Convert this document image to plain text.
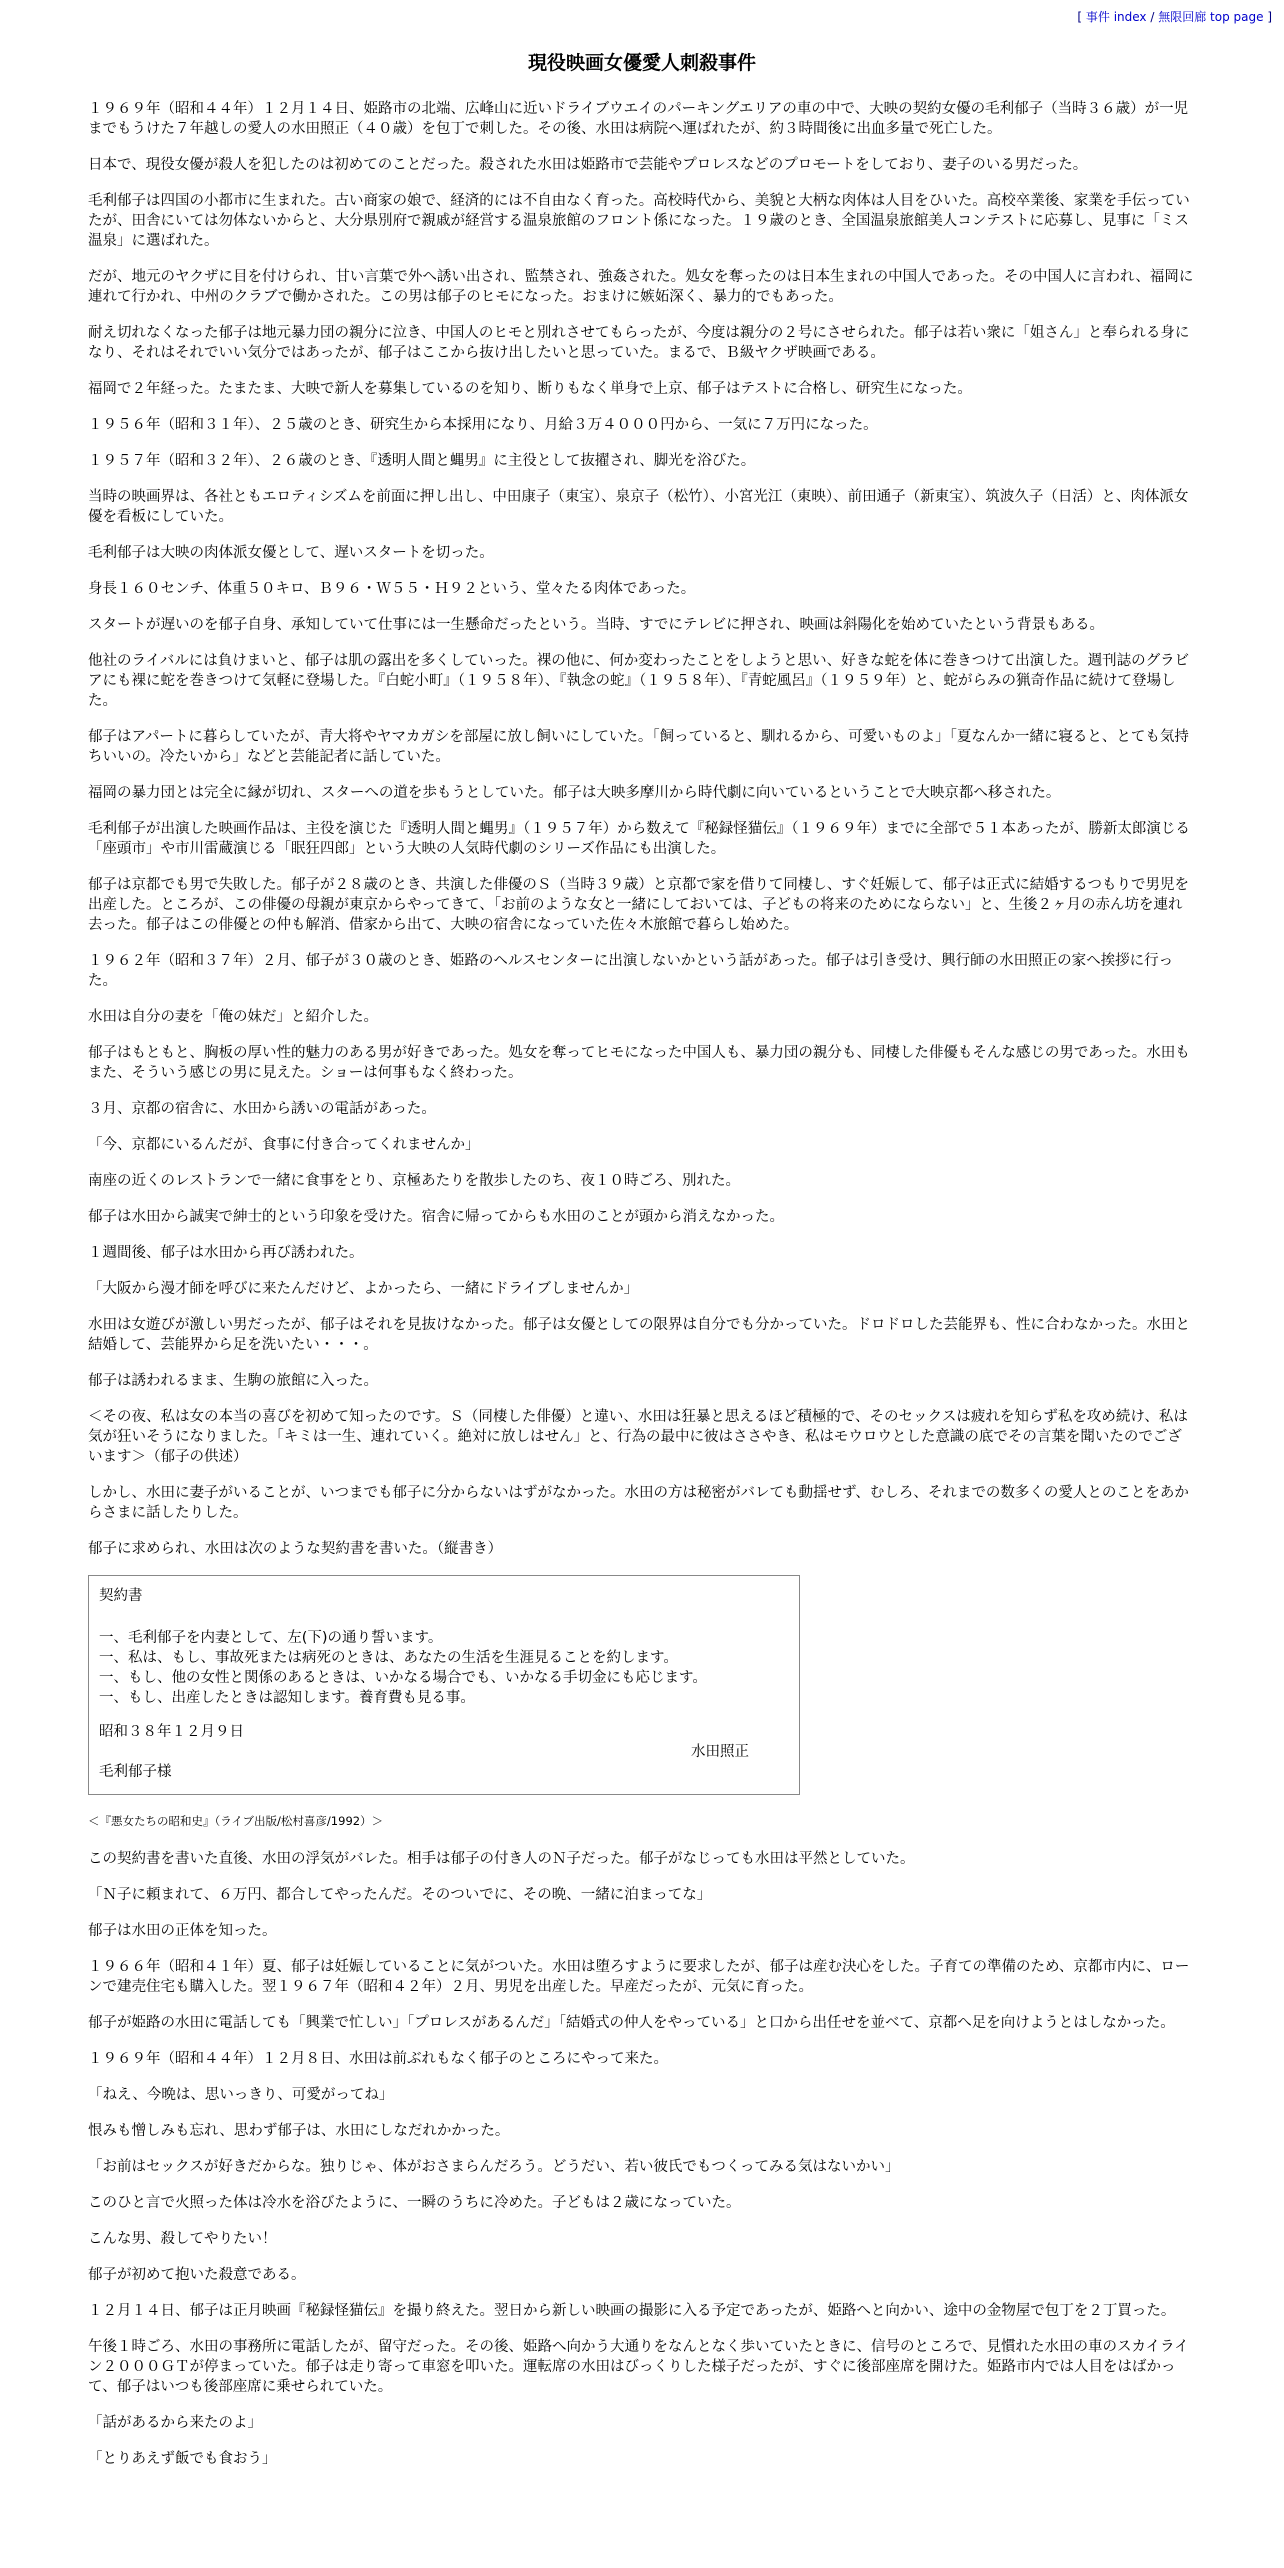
[ 事件 index / 無限回廊 top page ]
現役映画女優愛人刺殺事件

１９６９年（昭和４４年）１２月１４日、姫路市の北端、広峰山に近いドライブウエイのパーキングエリアの車の中で、大映の契約女優の毛利郁子（当時３６歳）が一児までもうけた７年越しの愛人の水田照正（４０歳）を包丁で刺した。その後、水田は病院へ運ばれたが、約３時間後に出血多量で死亡した。

日本で、現役女優が殺人を犯したのは初めてのことだった。殺された水田は姫路市で芸能やプロレスなどのプロモートをしており、妻子のいる男だった。

毛利郁子は四国の小都市に生まれた。古い商家の娘で、経済的には不自由なく育った。高校時代から、美貌と大柄な肉体は人目をひいた。高校卒業後、家業を手伝っていたが、田舎にいては勿体ないからと、大分県別府で親戚が経営する温泉旅館のフロント係になった。１９歳のとき、全国温泉旅館美人コンテストに応募し、見事に「ミス温泉」に選ばれた。

だが、地元のヤクザに目を付けられ、甘い言葉で外へ誘い出され、監禁され、強姦された。処女を奪ったのは日本生まれの中国人であった。その中国人に言われ、福岡に連れて行かれ、中州のクラブで働かされた。この男は郁子のヒモになった。おまけに嫉妬深く、暴力的でもあった。

耐え切れなくなった郁子は地元暴力団の親分に泣き、中国人のヒモと別れさせてもらったが、今度は親分の２号にさせられた。郁子は若い衆に「姐さん」と奉られる身になり、それはそれでいい気分ではあったが、郁子はここから抜け出したいと思っていた。まるで、Ｂ級ヤクザ映画である。

福岡で２年経った。たまたま、大映で新人を募集しているのを知り、断りもなく単身で上京、郁子はテストに合格し、研究生になった。

１９５６年（昭和３１年）、２５歳のとき、研究生から本採用になり、月給３万４０００円から、一気に７万円になった。

１９５７年（昭和３２年）、２６歳のとき、『透明人間と蝿男』に主役として抜擢され、脚光を浴びた。

当時の映画界は、各社ともエロティシズムを前面に押し出し、中田康子（東宝）、泉京子（松竹）、小宮光江（東映）、前田通子（新東宝）、筑波久子（日活）と、肉体派女優を看板にしていた。

毛利郁子は大映の肉体派女優として、遅いスタートを切った。

身長１６０センチ、体重５０キロ、Ｂ９６・Ｗ５５・Ｈ９２という、堂々たる肉体であった。

スタートが遅いのを郁子自身、承知していて仕事には一生懸命だったという。当時、すでにテレビに押され、映画は斜陽化を始めていたという背景もある。

他社のライバルには負けまいと、郁子は肌の露出を多くしていった。裸の他に、何か変わったことをしようと思い、好きな蛇を体に巻きつけて出演した。週刊誌のグラビアにも裸に蛇を巻きつけて気軽に登場した。『白蛇小町』（１９５８年）、『執念の蛇』（１９５８年）、『青蛇風呂』（１９５９年）と、蛇がらみの猟奇作品に続けて登場した。

郁子はアパートに暮らしていたが、青大将やヤマカガシを部屋に放し飼いにしていた。「飼っていると、馴れるから、可愛いものよ」「夏なんか一緒に寝ると、とても気持ちいいの。冷たいから」などと芸能記者に話していた。

福岡の暴力団とは完全に縁が切れ、スターへの道を歩もうとしていた。郁子は大映多摩川から時代劇に向いているということで大映京都へ移された。

毛利郁子が出演した映画作品は、主役を演じた『透明人間と蝿男』（１９５７年）から数えて『秘録怪猫伝』（１９６９年）までに全部で５１本あったが、勝新太郎演じる「座頭市」や市川雷蔵演じる「眠狂四郎」という大映の人気時代劇のシリーズ作品にも出演した。

郁子は京都でも男で失敗した。郁子が２８歳のとき、共演した俳優のＳ（当時３９歳）と京都で家を借りて同棲し、すぐ妊娠して、郁子は正式に結婚するつもりで男児を出産した。ところが、この俳優の母親が東京からやってきて、「お前のような女と一緒にしておいては、子どもの将来のためにならない」と、生後２ヶ月の赤ん坊を連れ去った。郁子はこの俳優との仲も解消、借家から出て、大映の宿舎になっていた佐々木旅館で暮らし始めた。

１９６２年（昭和３７年）２月、郁子が３０歳のとき、姫路のヘルスセンターに出演しないかという話があった。郁子は引き受け、興行師の水田照正の家へ挨拶に行った。

水田は自分の妻を「俺の妹だ」と紹介した。

郁子はもともと、胸板の厚い性的魅力のある男が好きであった。処女を奪ってヒモになった中国人も、暴力団の親分も、同棲した俳優もそんな感じの男であった。水田もまた、そういう感じの男に見えた。ショーは何事もなく終わった。

３月、京都の宿舎に、水田から誘いの電話があった。

「今、京都にいるんだが、食事に付き合ってくれませんか」

南座の近くのレストランで一緒に食事をとり、京極あたりを散歩したのち、夜１０時ごろ、別れた。

郁子は水田から誠実で紳士的という印象を受けた。宿舎に帰ってからも水田のことが頭から消えなかった。

１週間後、郁子は水田から再び誘われた。

「大阪から漫才師を呼びに来たんだけど、よかったら、一緒にドライブしませんか」

水田は女遊びが激しい男だったが、郁子はそれを見抜けなかった。郁子は女優としての限界は自分でも分かっていた。ドロドロした芸能界も、性に合わなかった。水田と結婚して、芸能界から足を洗いたい・・・。

郁子は誘われるまま、生駒の旅館に入った。

＜その夜、私は女の本当の喜びを初めて知ったのです。Ｓ（同棲した俳優）と違い、水田は狂暴と思えるほど積極的で、そのセックスは疲れを知らず私を攻め続け、私は気が狂いそうになりました。「キミは一生、連れていく。絶対に放しはせん」と、行為の最中に彼はささやき、私はモウロウとした意識の底でその言葉を聞いたのでございます＞（郁子の供述）

しかし、水田に妻子がいることが、いつまでも郁子に分からないはずがなかった。水田の方は秘密がバレても動揺せず、むしろ、それまでの数多くの愛人とのことをあからさまに話したりした。

郁子に求められ、水田は次のような契約書を書いた。（縦書き）

契約書
一、毛利郁子を内妻として、左(下)の通り誓います。
一、私は、もし、事故死または病死のときは、あなたの生活を生涯見ることを約します。
一、もし、他の女性と関係のあるときは、いかなる場合でも、いかなる手切金にも応じます。
一、もし、出産したときは認知します。養育費も見る事。
昭和３８年１２月９日
水田照正
毛利郁子様
＜『悪女たちの昭和史』（ライブ出版/松村喜彦/1992）＞

この契約書を書いた直後、水田の浮気がバレた。相手は郁子の付き人のＮ子だった。郁子がなじっても水田は平然としていた。

「Ｎ子に頼まれて、６万円、都合してやったんだ。そのついでに、その晩、一緒に泊まってな」

郁子は水田の正体を知った。

１９６６年（昭和４１年）夏、郁子は妊娠していることに気がついた。水田は堕ろすように要求したが、郁子は産む決心をした。子育ての準備のため、京都市内に、ローンで建売住宅も購入した。翌１９６７年（昭和４２年）２月、男児を出産した。早産だったが、元気に育った。

郁子が姫路の水田に電話しても「興業で忙しい」「プロレスがあるんだ」「結婚式の仲人をやっている」と口から出任せを並べて、京都へ足を向けようとはしなかった。

１９６９年（昭和４４年）１２月８日、水田は前ぶれもなく郁子のところにやって来た。

「ねえ、今晩は、思いっきり、可愛がってね」

恨みも憎しみも忘れ、思わず郁子は、水田にしなだれかかった。

「お前はセックスが好きだからな。独りじゃ、体がおさまらんだろう。どうだい、若い彼氏でもつくってみる気はないかい」

このひと言で火照った体は冷水を浴びたように、一瞬のうちに冷めた。子どもは２歳になっていた。

こんな男、殺してやりたい！

郁子が初めて抱いた殺意である。

１２月１４日、郁子は正月映画『秘録怪猫伝』を撮り終えた。翌日から新しい映画の撮影に入る予定であったが、姫路へと向かい、途中の金物屋で包丁を２丁買った。

午後１時ごろ、水田の事務所に電話したが、留守だった。その後、姫路へ向かう大通りをなんとなく歩いていたときに、信号のところで、見慣れた水田の車のスカイライン２０００ＧＴが停まっていた。郁子は走り寄って車窓を叩いた。運転席の水田はびっくりした様子だったが、すぐに後部座席を開けた。姫路市内では人目をはばかって、郁子はいつも後部座席に乗せられていた。

「話があるから来たのよ」

「とりあえず飯でも食おう」
